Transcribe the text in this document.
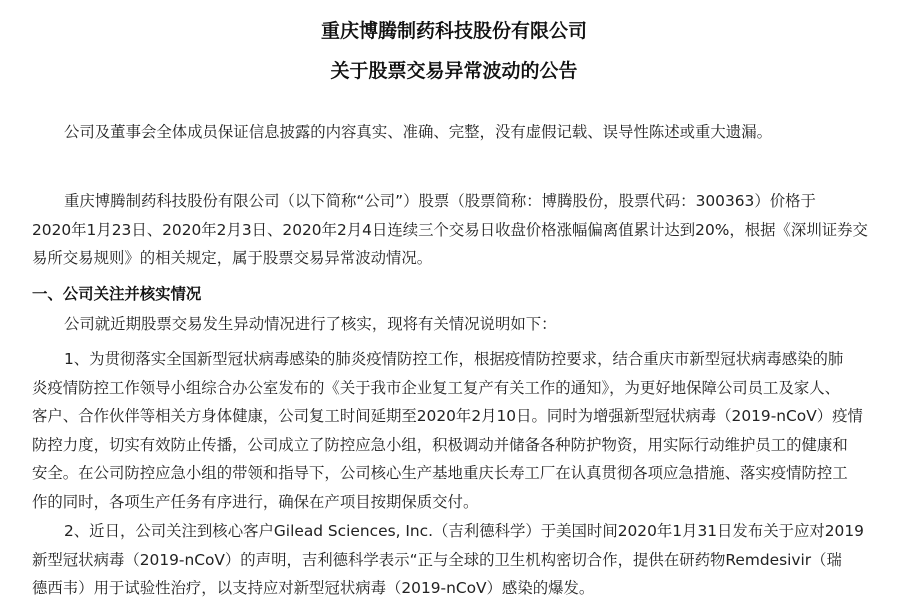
重庆博腾制药科技股份有限公司
关于股票交易异常波动的公告

公司及董事会全体成员保证信息披露的内容真实、准确、完整，没有虚假记载、误导性陈述或重大遗漏。

重庆博腾制药科技股份有限公司（以下简称“公司”）股票（股票简称：博腾股份，股票代码：300363）价格于

2020年1月23日、2020年2月3日、2020年2月4日连续三个交易日收盘价格涨幅偏离值累计达到20%，根据《深圳证券交
易所交易规则》的相关规定，属于股票交易异常波动情况。

一、公司关注并核实情况

公司就近期股票交易发生异动情况进行了核实，现将有关情况说明如下：

1、为贯彻落实全国新型冠状病毒感染的肺炎疫情防控工作，根据疫情防控要求，结合重庆市新型冠状病毒感染的肺

炎疫情防控工作领导小组综合办公室发布的《关于我市企业复工复产有关工作的通知》，为更好地保障公司员工及家人、
客户、合作伙伴等相关方身体健康，公司复工时间延期至2020年2月10日。同时为增强新型冠状病毒（2019-nCoV）疫情
防控力度，切实有效防止传播，公司成立了防控应急小组，积极调动并储备各种防护物资，用实际行动维护员工的健康和
安全。在公司防控应急小组的带领和指导下，公司核心生产基地重庆长寿工厂在认真贯彻各项应急措施、落实疫情防控工
作的同时，各项生产任务有序进行，确保在产项目按期保质交付。

2、近日，公司关注到核心客户Gilead Sciences, Inc.（吉利德科学）于美国时间2020年1月31日发布关于应对2019

新型冠状病毒（2019-nCoV）的声明，吉利德科学表示“正与全球的卫生机构密切合作，提供在研药物Remdesivir（瑞
德西韦）用于试验性治疗，以支持应对新型冠状病毒（2019-nCoV）感染的爆发。
